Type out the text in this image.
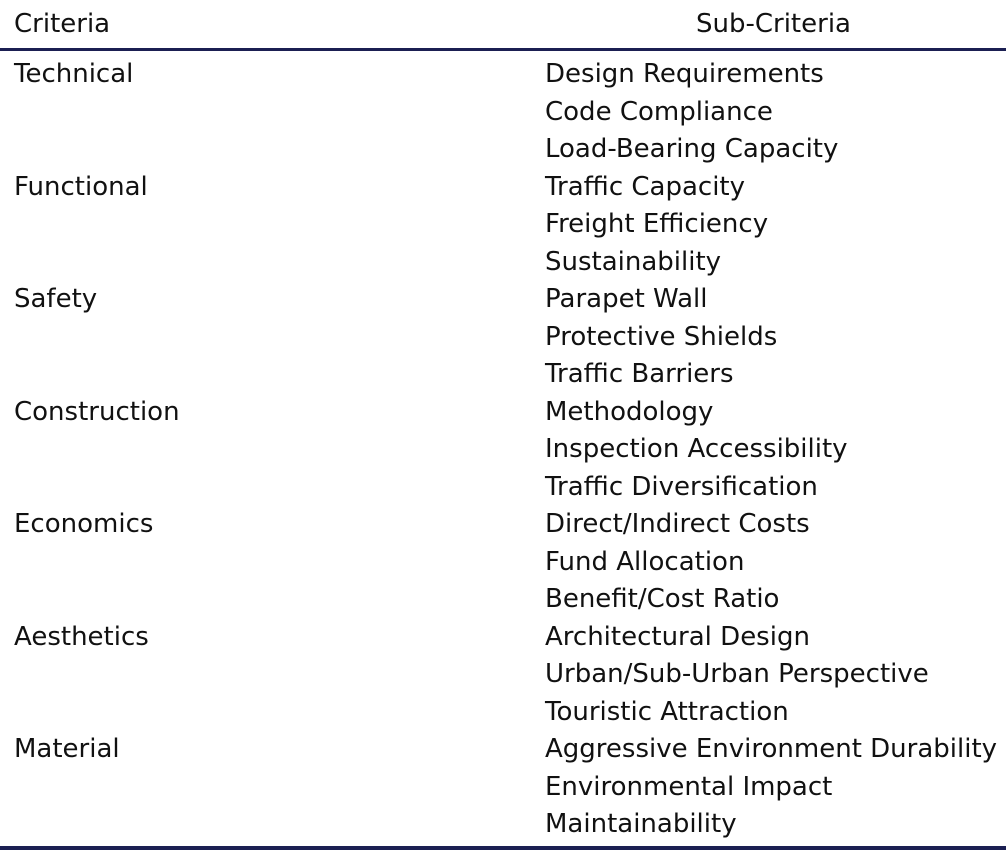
Criteria	Sub-Criteria
Technical	Design Requirements
Code Compliance
Load-Bearing Capacity
Functional	Traffic Capacity
Freight Efficiency
Sustainability
Safety	Parapet Wall
Protective Shields
Traffic Barriers
Construction	Methodology
Inspection Accessibility
Traffic Diversification
Economics	Direct/Indirect Costs
Fund Allocation
Benefit/Cost Ratio
Aesthetics	Architectural Design
Urban/Sub-Urban Perspective
Touristic Attraction
Material	Aggressive Environment Durability
Environmental Impact
Maintainability
